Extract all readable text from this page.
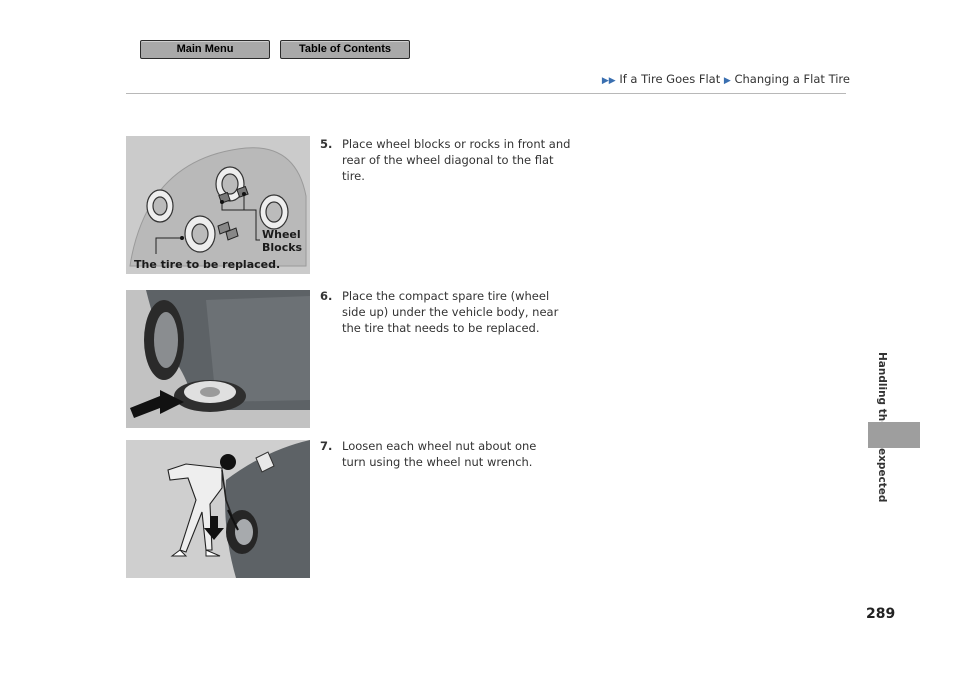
Main Menu	Table of Contents
▶▶ If a Tire Goes Flat ▶ Changing a Flat Tire
Wheel
Blocks
The tire to be replaced.
5. Place wheel blocks or rocks in front and rear of the wheel diagonal to the flat tire.
6. Place the compact spare tire (wheel side up) under the vehicle body, near the tire that needs to be replaced.
7. Loosen each wheel nut about one turn using the wheel nut wrench.
289
